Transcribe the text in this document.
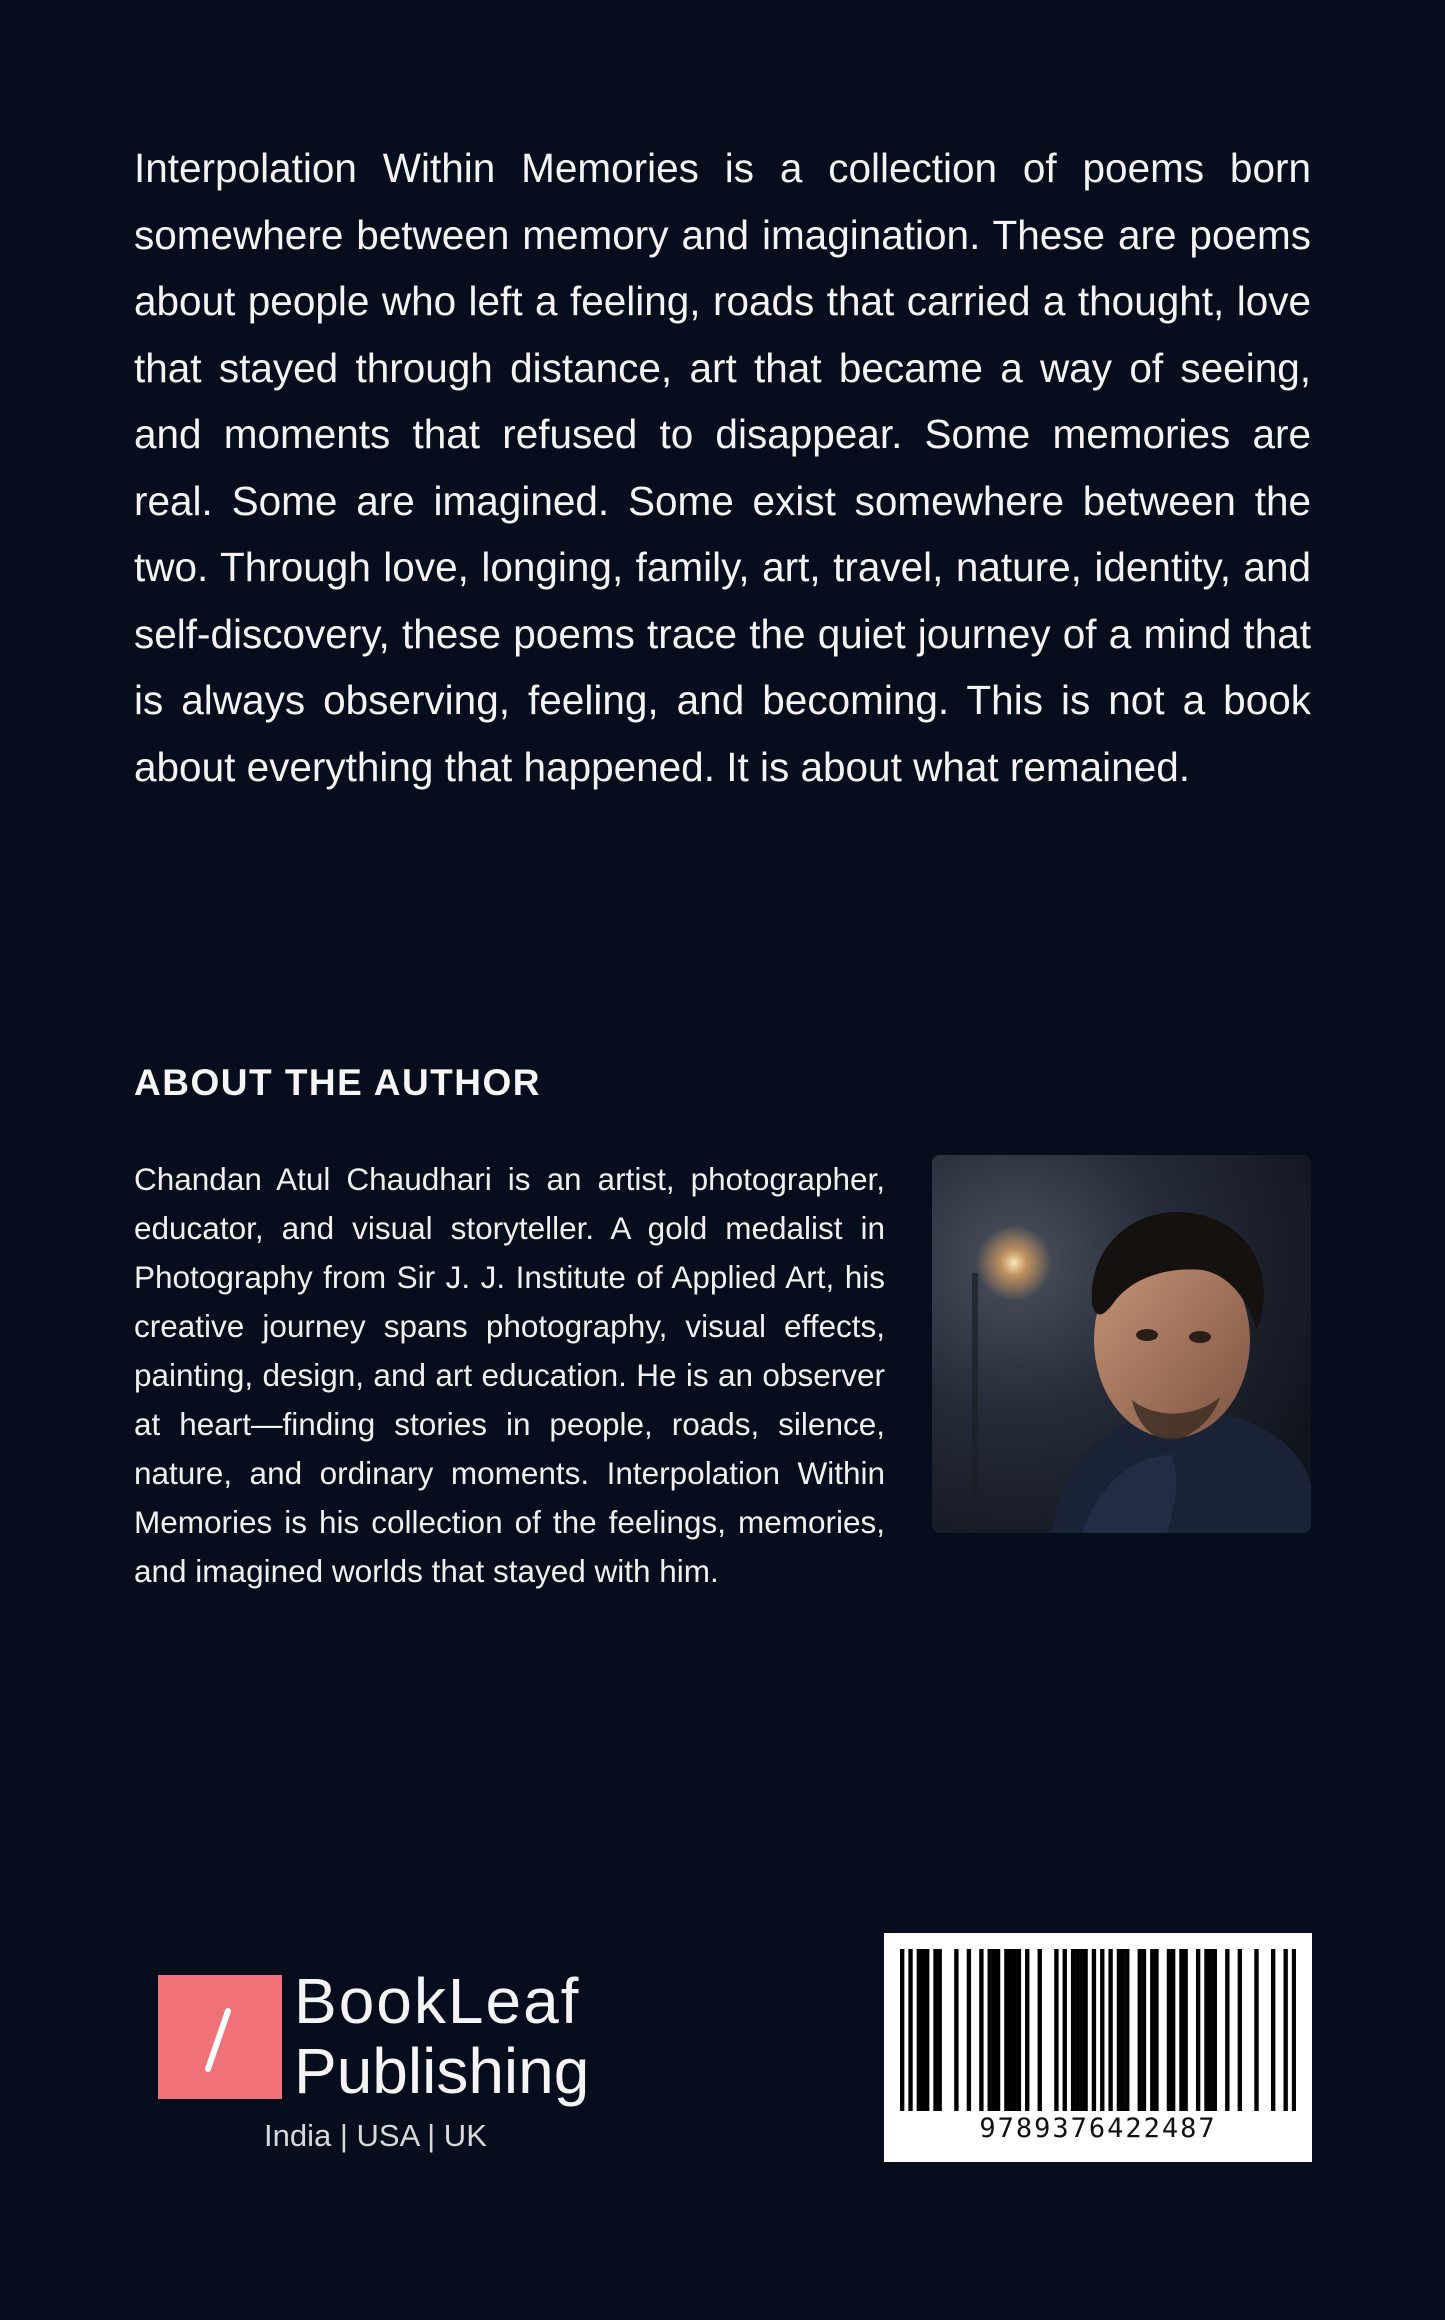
Interpolation Within Memories is a collection of poems born somewhere between memory and imagination. These are poems about people who left a feeling, roads that carried a thought, love that stayed through distance, art that became a way of seeing, and moments that refused to disappear. Some memories are real. Some are imagined. Some exist somewhere between the two. Through love, longing, family, art, travel, nature, identity, and self-discovery, these poems trace the quiet journey of a mind that is always observing, feeling, and becoming. This is not a book about everything that happened. It is about what remained.

ABOUT THE AUTHOR

Chandan Atul Chaudhari is an artist, photographer, educator, and visual storyteller. A gold medalist in Photography from Sir J. J. Institute of Applied Art, his creative journey spans photography, visual effects, painting, design, and art education. He is an observer at heart—finding stories in people, roads, silence, nature, and ordinary moments. Interpolation Within Memories is his collection of the feelings, memories, and imagined worlds that stayed with him.

BookLeaf
Publishing
India | USA | UK	9789376422487
